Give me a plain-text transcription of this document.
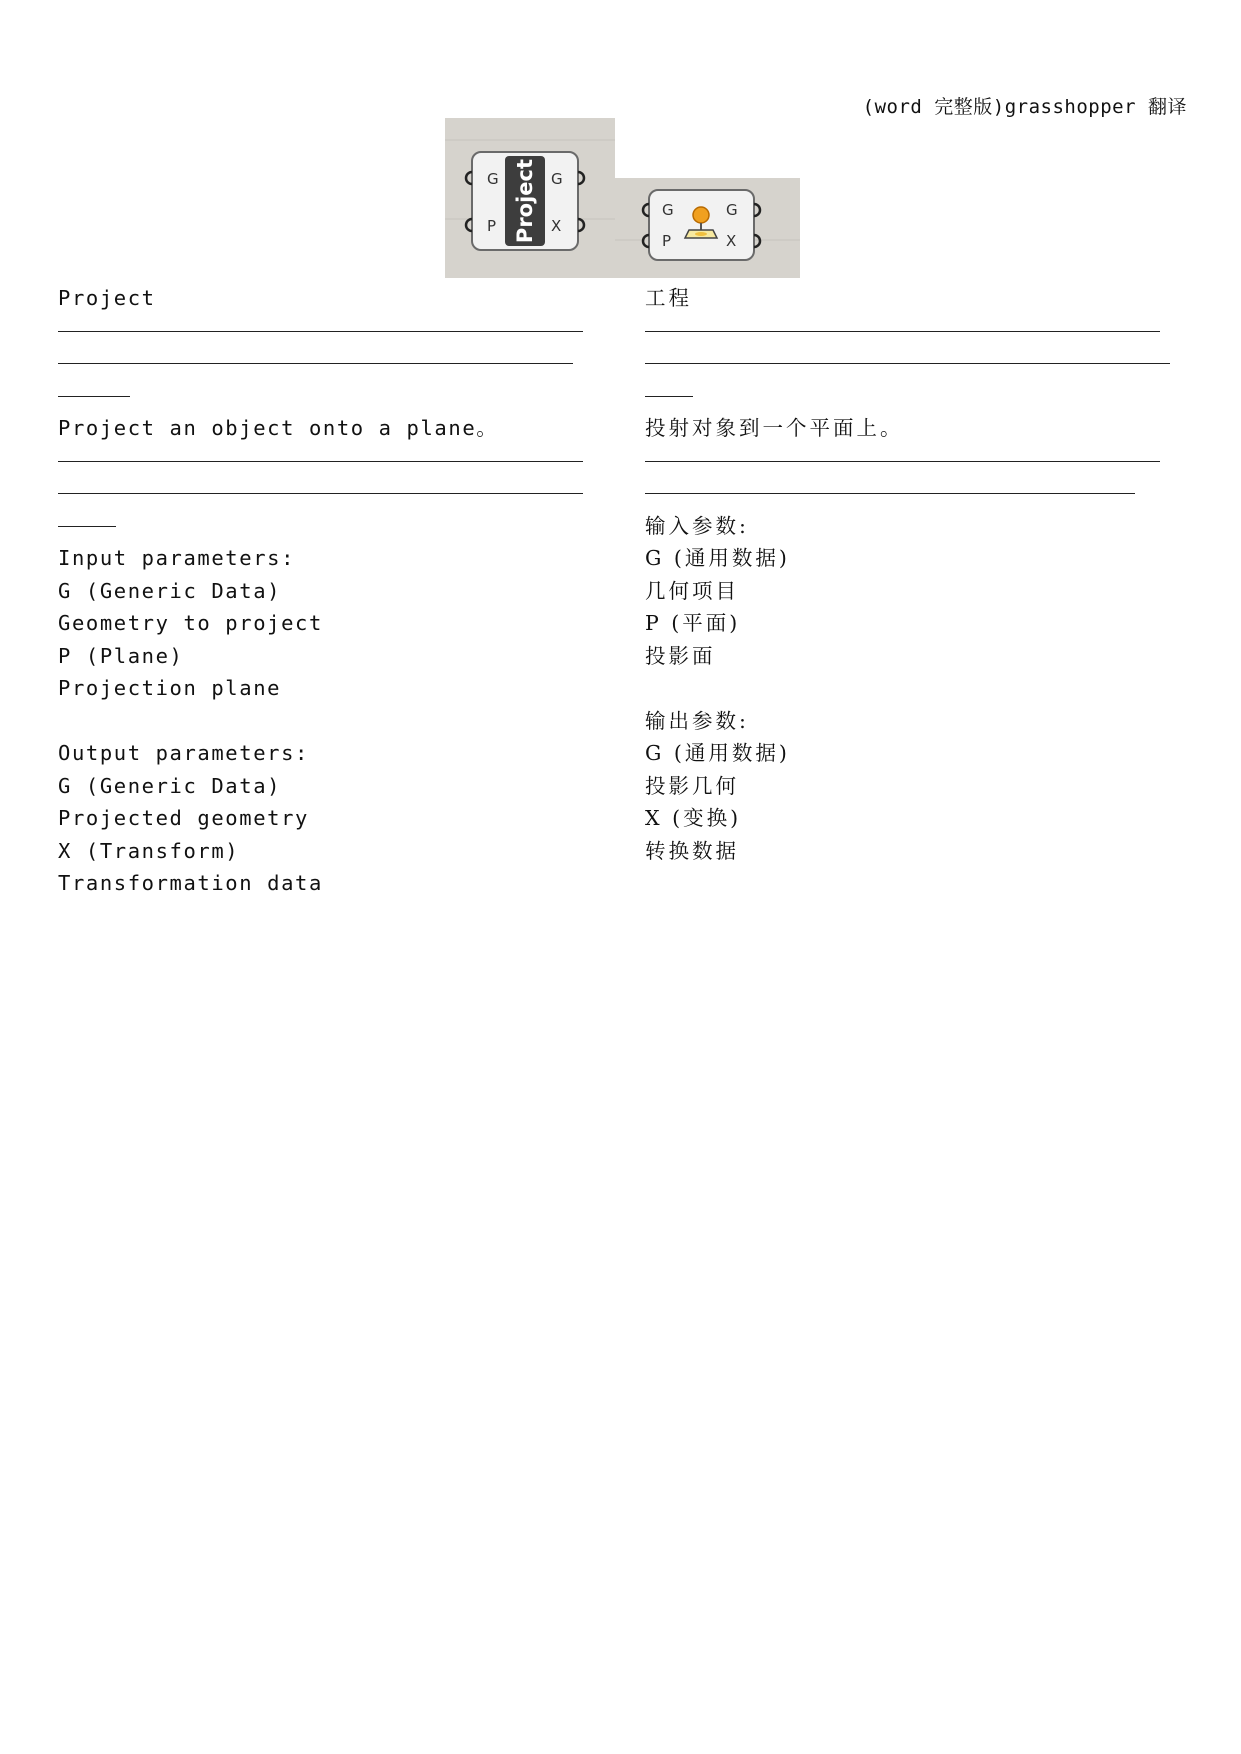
(word 完整版)grasshopper 翻译
Project
G
P
G
X
G
P
G
X
Project
Project an object onto a plane。
Input parameters:
G (Generic Data)
Geometry to project
P (Plane)
Projection plane
Output parameters:
G (Generic Data)
Projected geometry
X (Transform)
Transformation data
工程
投射对象到一个平面上。
输入参数:
G (通用数据)
几何项目
P (平面)
投影面
输出参数:
G (通用数据)
投影几何
X (变换)
转换数据
